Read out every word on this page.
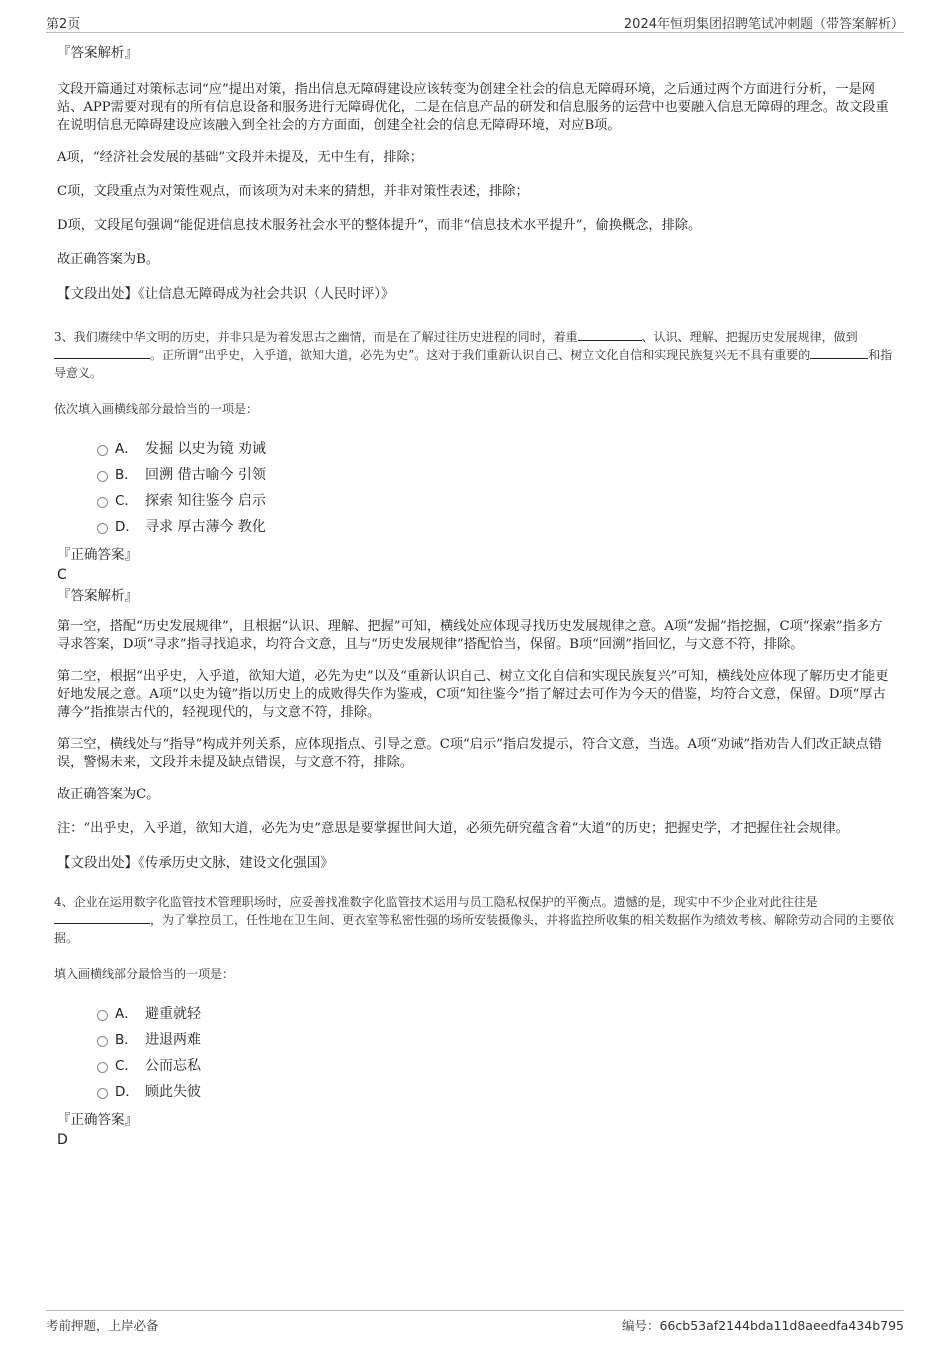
第2页	2024年恒玥集团招聘笔试冲刺题（带答案解析）

『答案解析』

文段开篇通过对策标志词“应”提出对策，指出信息无障碍建设应该转变为创建全社会的信息无障碍环境，之后通过两个方面进行分析，一是网站、APP需要对现有的所有信息设备和服务进行无障碍优化，二是在信息产品的研发和信息服务的运营中也要融入信息无障碍的理念。故文段重在说明信息无障碍建设应该融入到全社会的方方面面，创建全社会的信息无障碍环境，对应B项。

A项，“经济社会发展的基础”文段并未提及，无中生有，排除；

C项，文段重点为对策性观点，而该项为对未来的猜想，并非对策性表述，排除；

D项，文段尾句强调“能促进信息技术服务社会水平的整体提升”，而非“信息技术水平提升”，偷换概念，排除。

故正确答案为B。

【文段出处】《让信息无障碍成为社会共识（人民时评）》

3、我们赓续中华文明的历史，并非只是为着发思古之幽情，而是在了解过往历史进程的同时，着重	、认识、理解、把握历史发展规律，做到。正所谓“出乎史，入乎道，欲知大道，必先为史”。这对于我们重新认识自己、树立文化自信和实现民族复兴无不具有重要的	和指导意义。

依次填入画横线部分最恰当的一项是：

A． 发掘 以史为镜 劝诫
B． 回溯 借古喻今 引领
C． 探索 知往鉴今 启示
D． 寻求 厚古薄今 教化

『正确答案』

C

『答案解析』

第一空，搭配“历史发展规律”，且根据“认识、理解、把握”可知，横线处应体现寻找历史发展规律之意。A项“发掘”指挖掘，C项“探索”指多方寻求答案，D项“寻求”指寻找追求，均符合文意，且与“历史发展规律”搭配恰当，保留。B项“回溯”指回忆，与文意不符，排除。

第二空，根据“出乎史，入乎道，欲知大道，必先为史”以及“重新认识自己、树立文化自信和实现民族复兴”可知，横线处应体现了解历史才能更好地发展之意。A项“以史为镜”指以历史上的成败得失作为鉴戒，C项“知往鉴今”指了解过去可作为今天的借鉴，均符合文意，保留。D项“厚古薄今”指推崇古代的，轻视现代的，与文意不符，排除。

第三空，横线处与“指导”构成并列关系，应体现指点、引导之意。C项“启示”指启发提示，符合文意，当选。A项“劝诫”指劝告人们改正缺点错误，警惕未来，文段并未提及缺点错误，与文意不符，排除。

故正确答案为C。

注：“出乎史，入乎道，欲知大道，必先为史”意思是要掌握世间大道，必须先研究蕴含着“大道”的历史；把握史学，才把握住社会规律。

【文段出处】《传承历史文脉，建设文化强国》

4、企业在运用数字化监管技术管理职场时，应妥善找准数字化监管技术运用与员工隐私权保护的平衡点。遗憾的是，现实中不少企业对此往往是，为了掌控员工，任性地在卫生间、更衣室等私密性强的场所安装摄像头，并将监控所收集的相关数据作为绩效考核、解除劳动合同的主要依据。

填入画横线部分最恰当的一项是：

A． 避重就轻
B． 进退两难
C． 公而忘私
D． 顾此失彼

『正确答案』

D

考前押题，上岸必备	编号：66cb53af2144bda11d8aeedfa434b795
